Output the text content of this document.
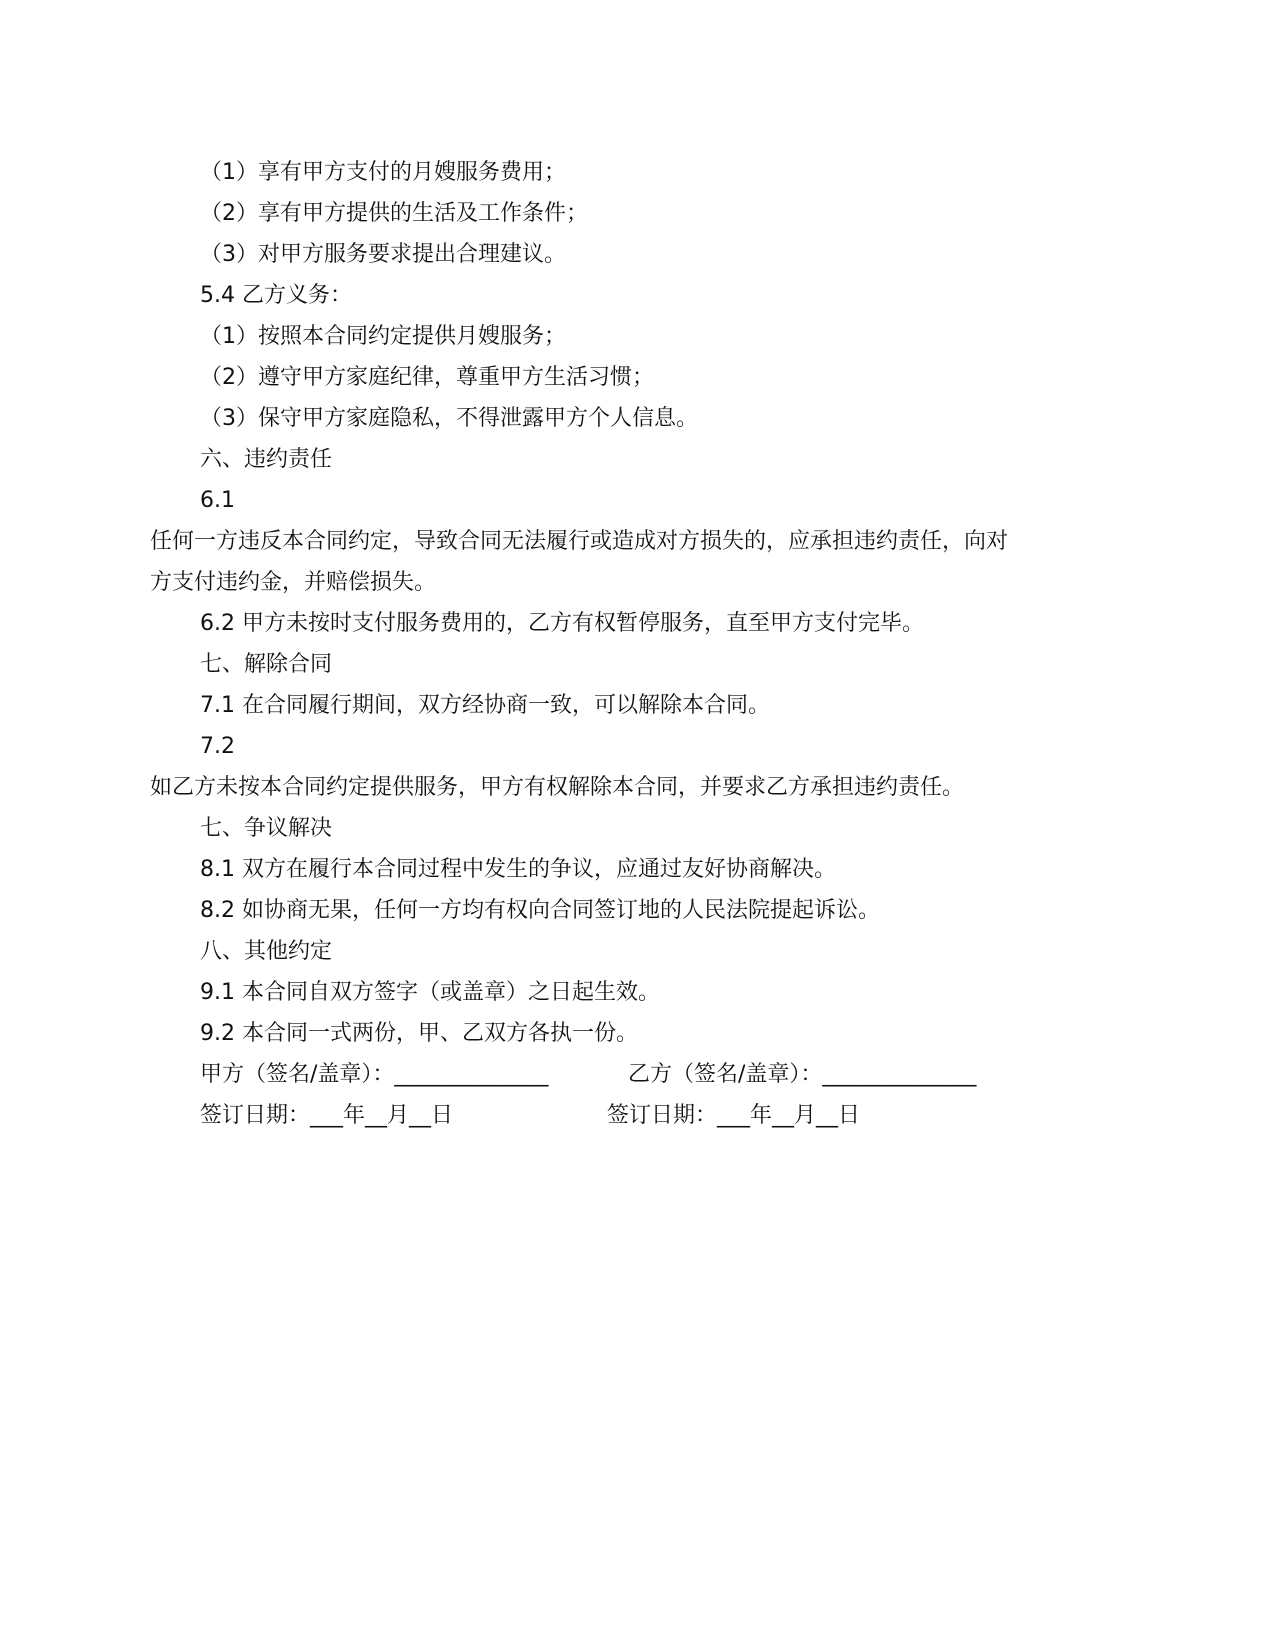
（1）享有甲方支付的月嫂服务费用；
（2）享有甲方提供的生活及工作条件；
（3）对甲方服务要求提出合理建议。
5.4 乙方义务：
（1）按照本合同约定提供月嫂服务；
（2）遵守甲方家庭纪律，尊重甲方生活习惯；
（3）保守甲方家庭隐私，不得泄露甲方个人信息。
六、违约责任
6.1
任何一方违反本合同约定，导致合同无法履行或造成对方损失的，应承担违约责任，向对
方支付违约金，并赔偿损失。
6.2 甲方未按时支付服务费用的，乙方有权暂停服务，直至甲方支付完毕。
七、解除合同
7.1 在合同履行期间，双方经协商一致，可以解除本合同。
7.2
如乙方未按本合同约定提供服务，甲方有权解除本合同，并要求乙方承担违约责任。
七、争议解决
8.1 双方在履行本合同过程中发生的争议，应通过友好协商解决。
8.2 如协商无果，任何一方均有权向合同签订地的人民法院提起诉讼。
八、其他约定
9.1 本合同自双方签字（或盖章）之日起生效。
9.2 本合同一式两份，甲、乙双方各执一份。
甲方（签名/盖章）：______________	乙方（签名/盖章）：______________
签订日期：___年__月__日	签订日期：___年__月__日
